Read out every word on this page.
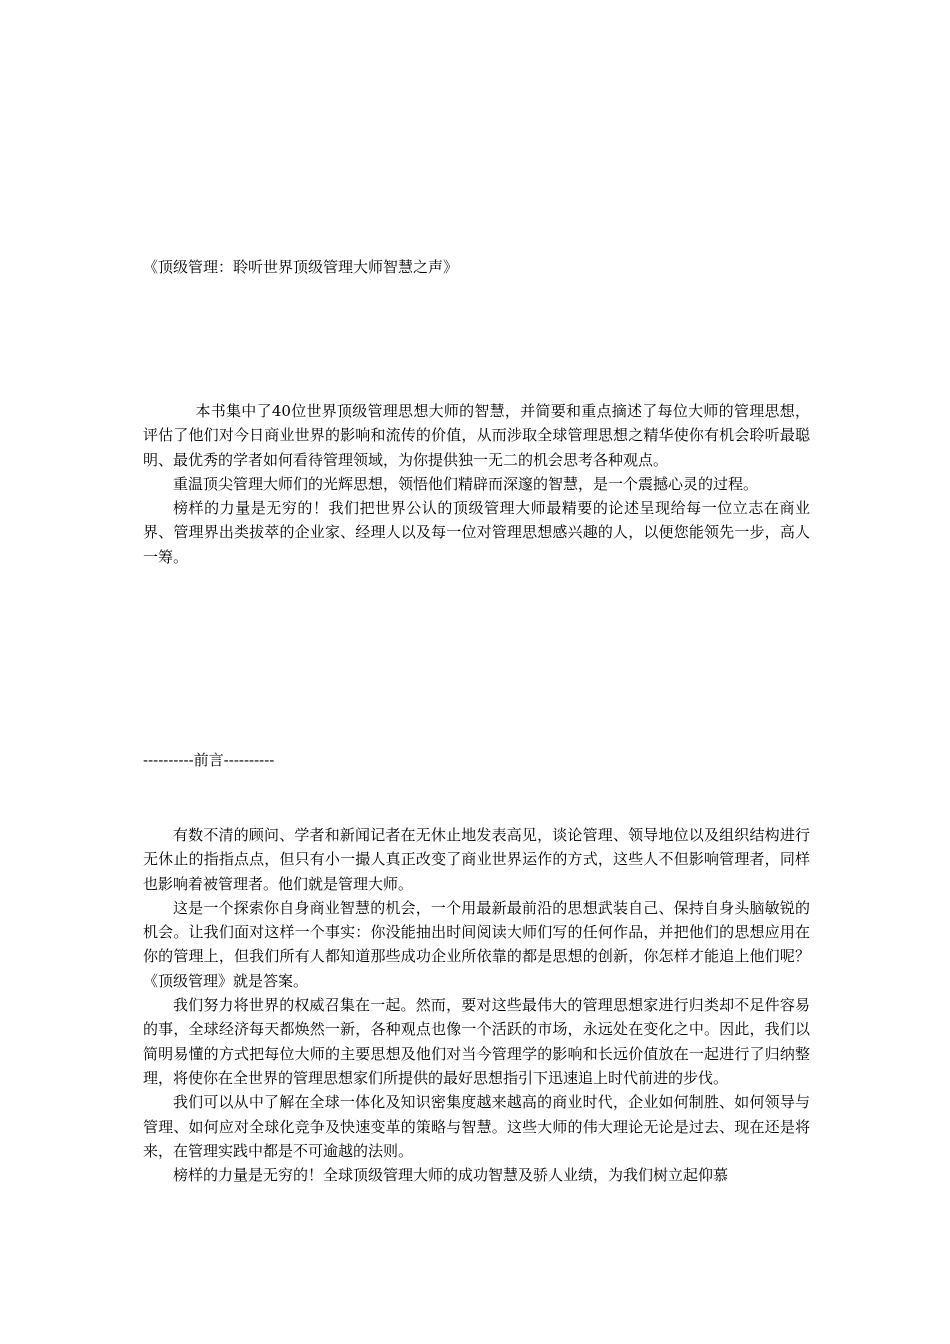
《顶级管理：聆听世界顶级管理大师智慧之声》

本书集中了40位世界顶级管理思想大师的智慧，并简要和重点摘述了每位大师的管理思想，评估了他们对今日商业世界的影响和流传的价值，从而涉取全球管理思想之精华使你有机会聆听最聪明、最优秀的学者如何看待管理领域，为你提供独一无二的机会思考各种观点。

重温顶尖管理大师们的光辉思想，领悟他们精辟而深邃的智慧，是一个震撼心灵的过程。

榜样的力量是无穷的！我们把世界公认的顶级管理大师最精要的论述呈现给每一位立志在商业界、管理界出类拔萃的企业家、经理人以及每一位对管理思想感兴趣的人，以便您能领先一步，高人一筹。

----------前言----------

有数不清的顾问、学者和新闻记者在无休止地发表高见，谈论管理、领导地位以及组织结构进行无休止的指指点点，但只有小一撮人真正改变了商业世界运作的方式，这些人不但影响管理者，同样也影响着被管理者。他们就是管理大师。

这是一个探索你自身商业智慧的机会，一个用最新最前沿的思想武装自己、保持自身头脑敏锐的机会。让我们面对这样一个事实：你没能抽出时间阅读大师们写的任何作品，并把他们的思想应用在你的管理上，但我们所有人都知道那些成功企业所依靠的都是思想的创新，你怎样才能追上他们呢？《顶级管理》就是答案。

我们努力将世界的权威召集在一起。然而，要对这些最伟大的管理思想家进行归类却不足件容易的事，全球经济每天都焕然一新，各种观点也像一个活跃的市场，永远处在变化之中。因此，我们以简明易懂的方式把每位大师的主要思想及他们对当今管理学的影响和长远价值放在一起进行了归纳整理，将使你在全世界的管理思想家们所提供的最好思想指引下迅速追上时代前进的步伐。

我们可以从中了解在全球一体化及知识密集度越来越高的商业时代，企业如何制胜、如何领导与管理、如何应对全球化竞争及快速变革的策略与智慧。这些大师的伟大理论无论是过去、现在还是将来，在管理实践中都是不可逾越的法则。

榜样的力量是无穷的！全球顶级管理大师的成功智慧及骄人业绩，为我们树立起仰慕
